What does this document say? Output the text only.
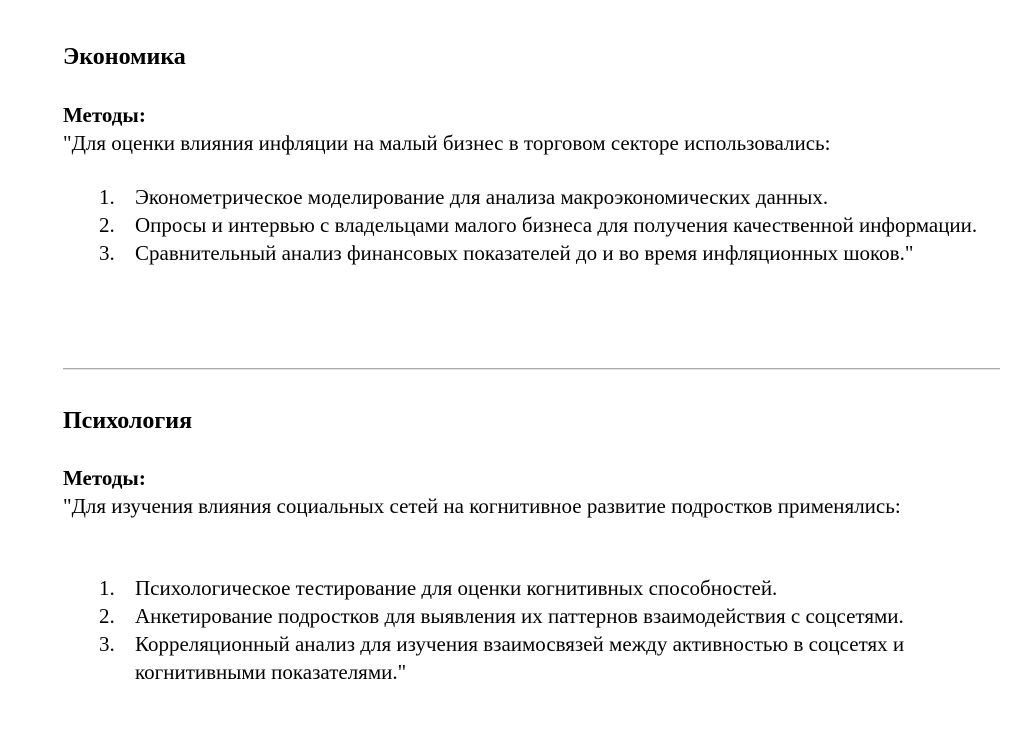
Экономика

Методы:

"Для оценки влияния инфляции на малый бизнес в торговом секторе использовались:

1. Эконометрическое моделирование для анализа макроэкономических данных.
2. Опросы и интервью с владельцами малого бизнеса для получения качественной информации.
3. Сравнительный анализ финансовых показателей до и во время инфляционных шоков."
Психология

Методы:

"Для изучения влияния социальных сетей на когнитивное развитие подростков применялись:

1. Психологическое тестирование для оценки когнитивных способностей.
2. Анкетирование подростков для выявления их паттернов взаимодействия с соцсетями.
3. Корреляционный анализ для изучения взаимосвязей между активностью в соцсетях и когнитивными показателями."
